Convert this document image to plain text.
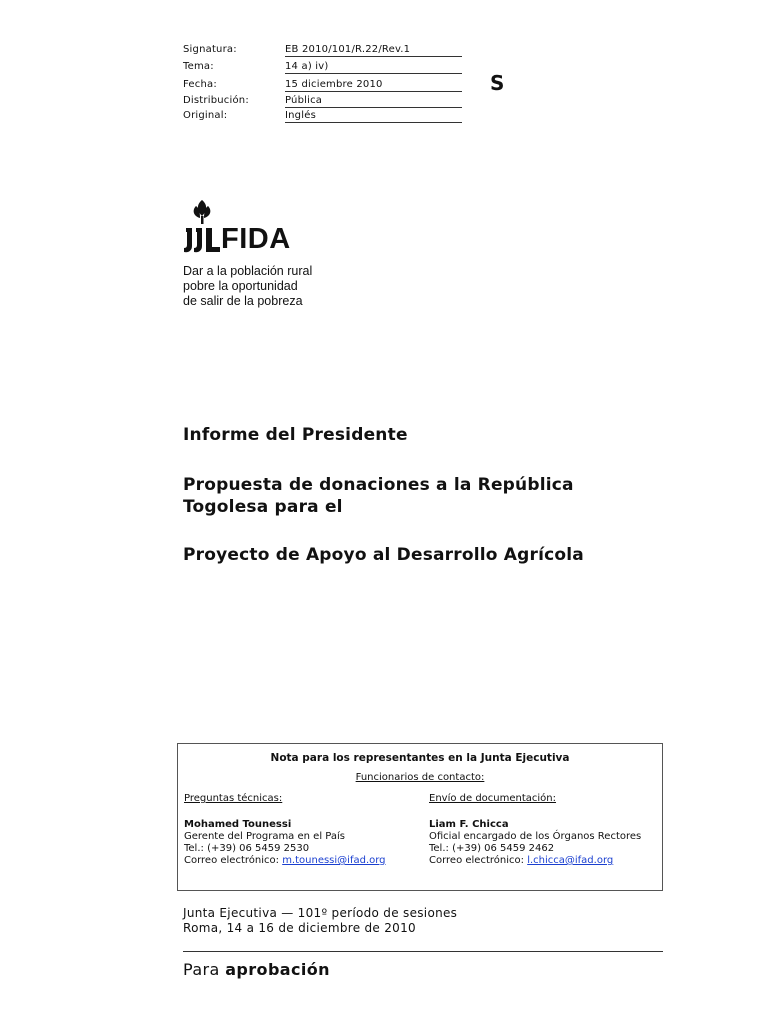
Signatura:	EB 2010/101/R.22/Rev.1
Tema:	14 a) iv)
Fecha:	15 diciembre 2010
Distribución:	Pública
Original:	Inglés
S
FIDA
Dar a la población rural
pobre la oportunidad
de salir de la pobreza
Informe del Presidente
Propuesta de donaciones a la República
Togolesa para el
Proyecto de Apoyo al Desarrollo Agrícola
Nota para los representantes en la Junta Ejecutiva
Funcionarios de contacto:
Preguntas técnicas:
Mohamed Tounessi
Gerente del Programa en el País
Tel.: (+39) 06 5459 2530
Correo electrónico: m.tounessi@ifad.org
Envío de documentación:
Liam F. Chicca
Oficial encargado de los Órganos Rectores
Tel.: (+39) 06 5459 2462
Correo electrónico: l.chicca@ifad.org
Junta Ejecutiva — 101º período de sesiones
Roma, 14 a 16 de diciembre de 2010
Para aprobación
